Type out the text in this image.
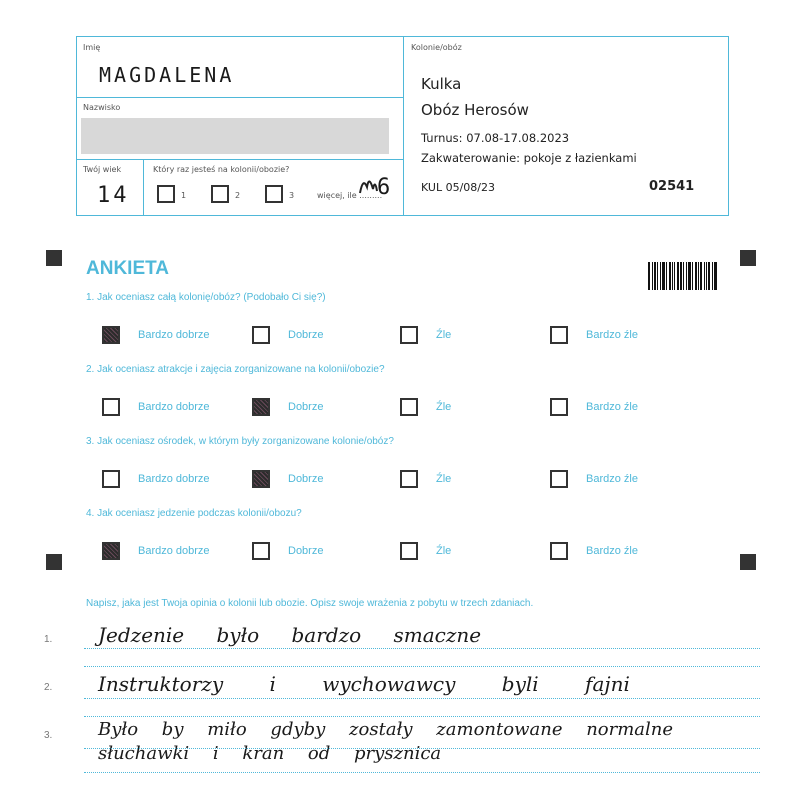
Imię
MAGDALENA
Nazwisko
Twój wiek
14
Który raz jesteś na kolonii/obozie?
1	2	3	więcej, ile .........
6
Kolonie/obóz
Kulka
Obóz Herosów
Turnus: 07.08-17.08.2023
Zakwaterowanie: pokoje z łazienkami
KUL 05/08/23	02541
ANKIETA
1. Jak oceniasz całą kolonię/obóz? (Podobało Ci się?)
Bardzo dobrze	Dobrze	Źle	Bardzo źle
2. Jak oceniasz atrakcje i zajęcia zorganizowane na kolonii/obozie?
Bardzo dobrze	Dobrze	Źle	Bardzo źle
3. Jak oceniasz ośrodek, w którym były zorganizowane kolonie/obóz?
Bardzo dobrze	Dobrze	Źle	Bardzo źle
4. Jak oceniasz jedzenie podczas kolonii/obozu?
Bardzo dobrze	Dobrze	Źle	Bardzo źle
Napisz, jaka jest Twoja opinia o kolonii lub obozie. Opisz swoje wrażenia z pobytu w trzech zdaniach.
1. Jedzenie było bardzo smaczne
2. Instruktorzy i wychowawcy byli fajni
3.	Było by miło gdyby zostały zamontowane normalne słuchawki i kran od prysznica
